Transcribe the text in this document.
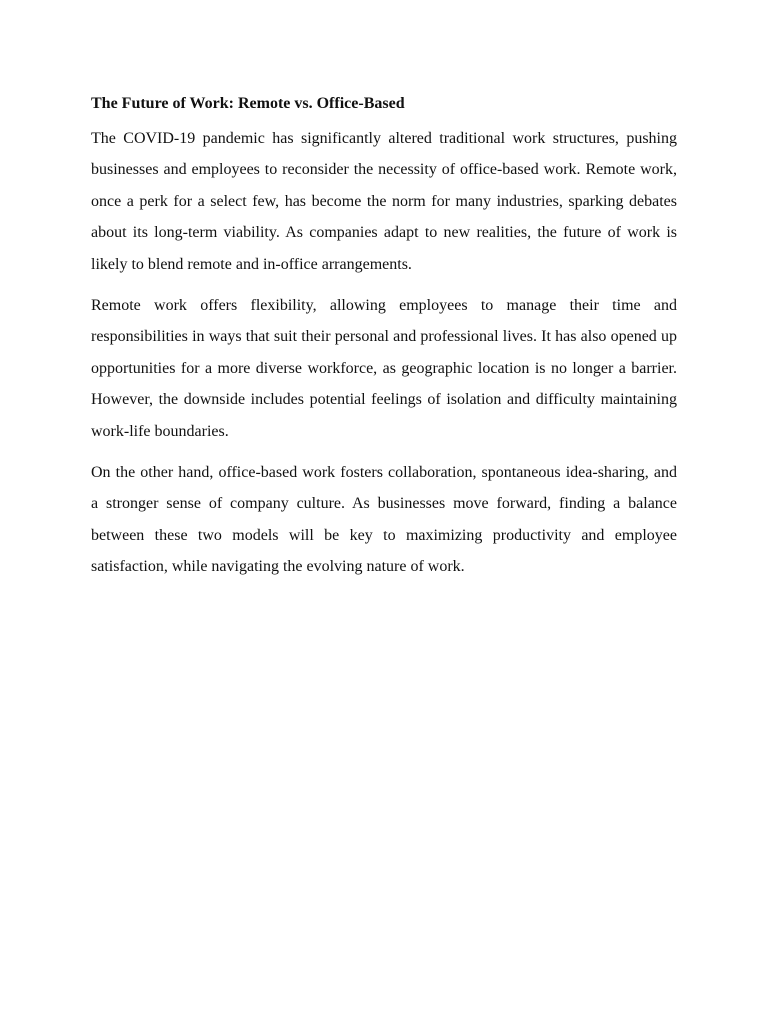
The Future of Work: Remote vs. Office-Based

The COVID-19 pandemic has significantly altered traditional work structures, pushing businesses and employees to reconsider the necessity of office-based work. Remote work, once a perk for a select few, has become the norm for many industries, sparking debates about its long-term viability. As companies adapt to new realities, the future of work is likely to blend remote and in-office arrangements.

Remote work offers flexibility, allowing employees to manage their time and responsibilities in ways that suit their personal and professional lives. It has also opened up opportunities for a more diverse workforce, as geographic location is no longer a barrier. However, the downside includes potential feelings of isolation and difficulty maintaining work-life boundaries.

On the other hand, office-based work fosters collaboration, spontaneous idea-sharing, and a stronger sense of company culture. As businesses move forward, finding a balance between these two models will be key to maximizing productivity and employee satisfaction, while navigating the evolving nature of work.
